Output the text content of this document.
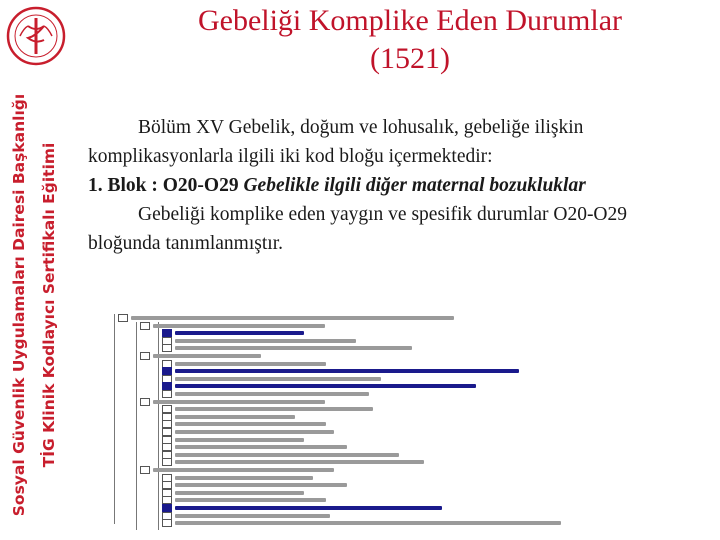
Sosyal Güvenlik Uygulamaları Dairesi Başkanlığı TİG Klinik Kodlayıcı Sertifikalı Eğitimi
Gebeliği Komplike Eden Durumlar
(1521)

Bölüm XV Gebelik, doğum ve lohusalık, gebeliğe ilişkin komplikasyonlarla ilgili iki kod bloğu içermektedir:

1. Blok : O20-O29 Gebelikle ilgili diğer maternal bozukluklar

Gebeliği komplike eden yaygın ve spesifik durumlar O20-O29 bloğunda tanımlanmıştır.
